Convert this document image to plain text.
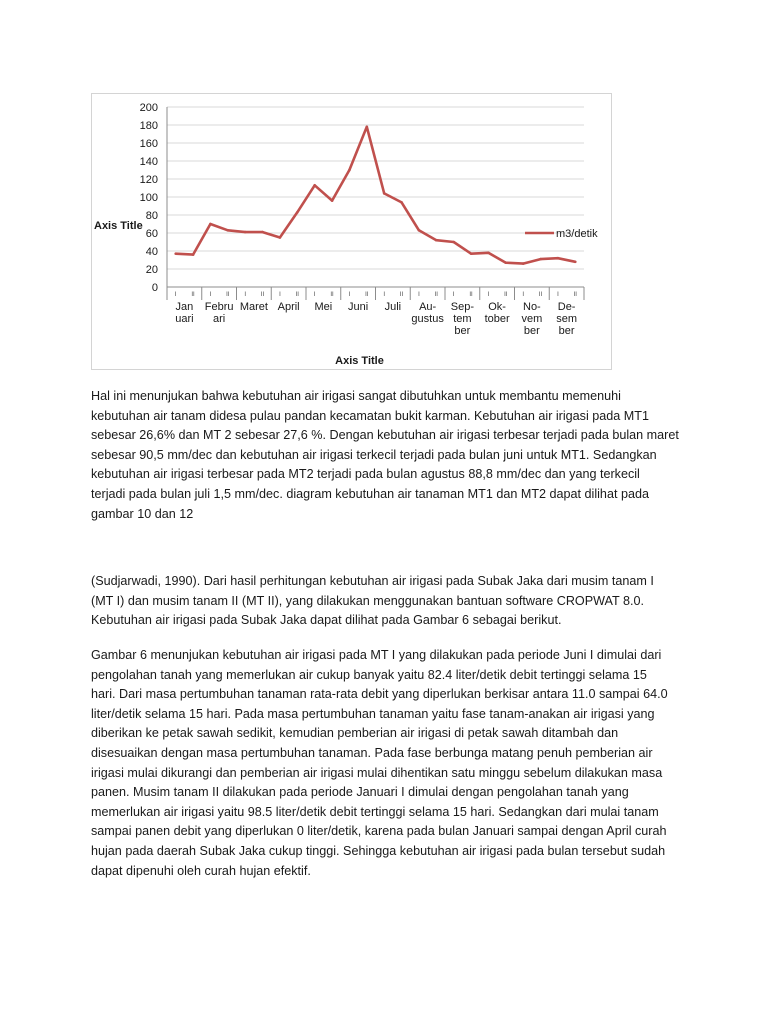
0
20
40
60
80
100
120
140
160
180
200
I II I II I II I II I II I II I II I II I II I II I II I II
Jan uari
Febru ari
Maret April Mei Juni Juli	Au-gustus
Sep-tem ber
Ok-tober
No-vem ber
De-sem ber
Axis Title
Axis Title
m3/detik

Hal ini menunjukan bahwa kebutuhan air irigasi sangat dibutuhkan untuk membantu memenuhi
kebutuhan air tanam didesa pulau pandan kecamatan bukit karman. Kebutuhan air irigasi pada MT1
sebesar 26,6% dan MT 2 sebesar 27,6 %. Dengan kebutuhan air irigasi terbesar terjadi pada bulan maret
sebesar 90,5 mm/dec dan kebutuhan air irigasi terkecil terjadi pada bulan juni untuk MT1. Sedangkan
kebutuhan air irigasi terbesar pada MT2 terjadi pada bulan agustus 88,8 mm/dec dan yang terkecil
terjadi pada bulan juli 1,5 mm/dec. diagram kebutuhan air tanaman MT1 dan MT2 dapat dilihat pada
gambar 10 dan 12

(Sudjarwadi, 1990). Dari hasil perhitungan kebutuhan air irigasi pada Subak Jaka dari musim tanam I
(MT I) dan musim tanam II (MT II), yang dilakukan menggunakan bantuan software CROPWAT 8.0.
Kebutuhan air irigasi pada Subak Jaka dapat dilihat pada Gambar 6 sebagai berikut.

Gambar 6 menunjukan kebutuhan air irigasi pada MT I yang dilakukan pada periode Juni I dimulai dari
pengolahan tanah yang memerlukan air cukup banyak yaitu 82.4 liter/detik debit tertinggi selama 15
hari. Dari masa pertumbuhan tanaman rata-rata debit yang diperlukan berkisar antara 11.0 sampai 64.0
liter/detik selama 15 hari. Pada masa pertumbuhan tanaman yaitu fase tanam-anakan air irigasi yang
diberikan ke petak sawah sedikit, kemudian pemberian air irigasi di petak sawah ditambah dan
disesuaikan dengan masa pertumbuhan tanaman. Pada fase berbunga matang penuh pemberian air
irigasi mulai dikurangi dan pemberian air irigasi mulai dihentikan satu minggu sebelum dilakukan masa
panen. Musim tanam II dilakukan pada periode Januari I dimulai dengan pengolahan tanah yang
memerlukan air irigasi yaitu 98.5 liter/detik debit tertinggi selama 15 hari. Sedangkan dari mulai tanam
sampai panen debit yang diperlukan 0 liter/detik, karena pada bulan Januari sampai dengan April curah
hujan pada daerah Subak Jaka cukup tinggi. Sehingga kebutuhan air irigasi pada bulan tersebut sudah
dapat dipenuhi oleh curah hujan efektif.
